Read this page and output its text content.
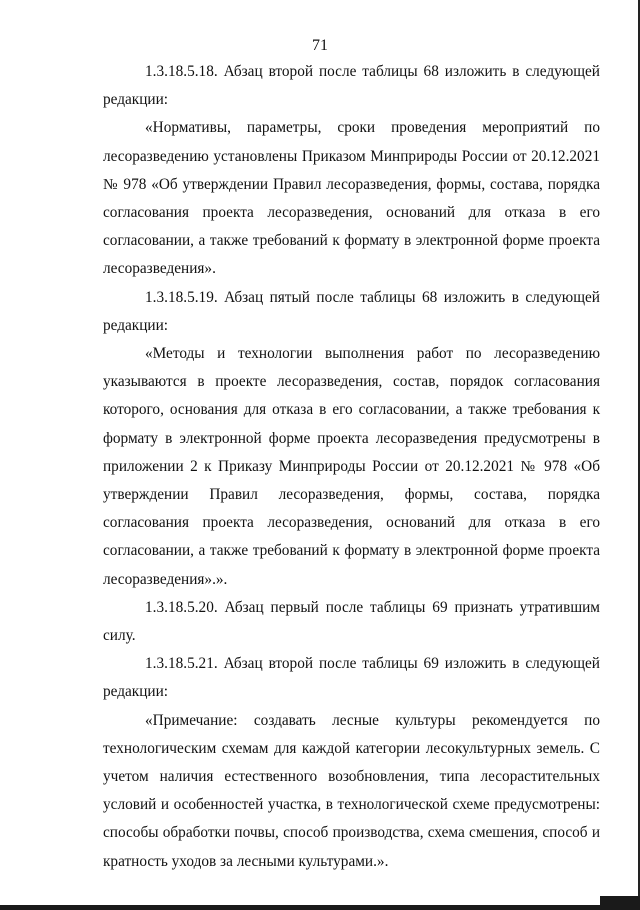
71

1.3.18.5.18. Абзац второй после таблицы 68 изложить в следующей редакции:

«Нормативы, параметры, сроки проведения мероприятий по лесоразведению установлены Приказом Минприроды России от 20.12.2021 № 978 «Об утверждении Правил лесоразведения, формы, состава, порядка согласования проекта лесоразведения, оснований для отказа в его согласовании, а также требований к формату в электронной форме проекта лесоразведения».

1.3.18.5.19. Абзац пятый после таблицы 68 изложить в следующей редакции:

«Методы и технологии выполнения работ по лесоразведению указываются в проекте лесоразведения, состав, порядок согласования которого, основания для отказа в его согласовании, а также требования к формату в электронной форме проекта лесоразведения предусмотрены в приложении 2 к Приказу Минприроды России от 20.12.2021 № 978 «Об утверждении Правил лесоразведения, формы, состава, порядка согласования проекта лесоразведения, оснований для отказа в его согласовании, а также требований к формату в электронной форме проекта лесоразведения».».

1.3.18.5.20. Абзац первый после таблицы 69 признать утратившим силу.

1.3.18.5.21. Абзац второй после таблицы 69 изложить в следующей редакции:

«Примечание: создавать лесные культуры рекомендуется по технологическим схемам для каждой категории лесокультурных земель. С учетом наличия естественного возобновления, типа лесорастительных условий и особенностей участка, в технологической схеме предусмотрены: способы обработки почвы, способ производства, схема смешения, способ и кратность уходов за лесными культурами.».
